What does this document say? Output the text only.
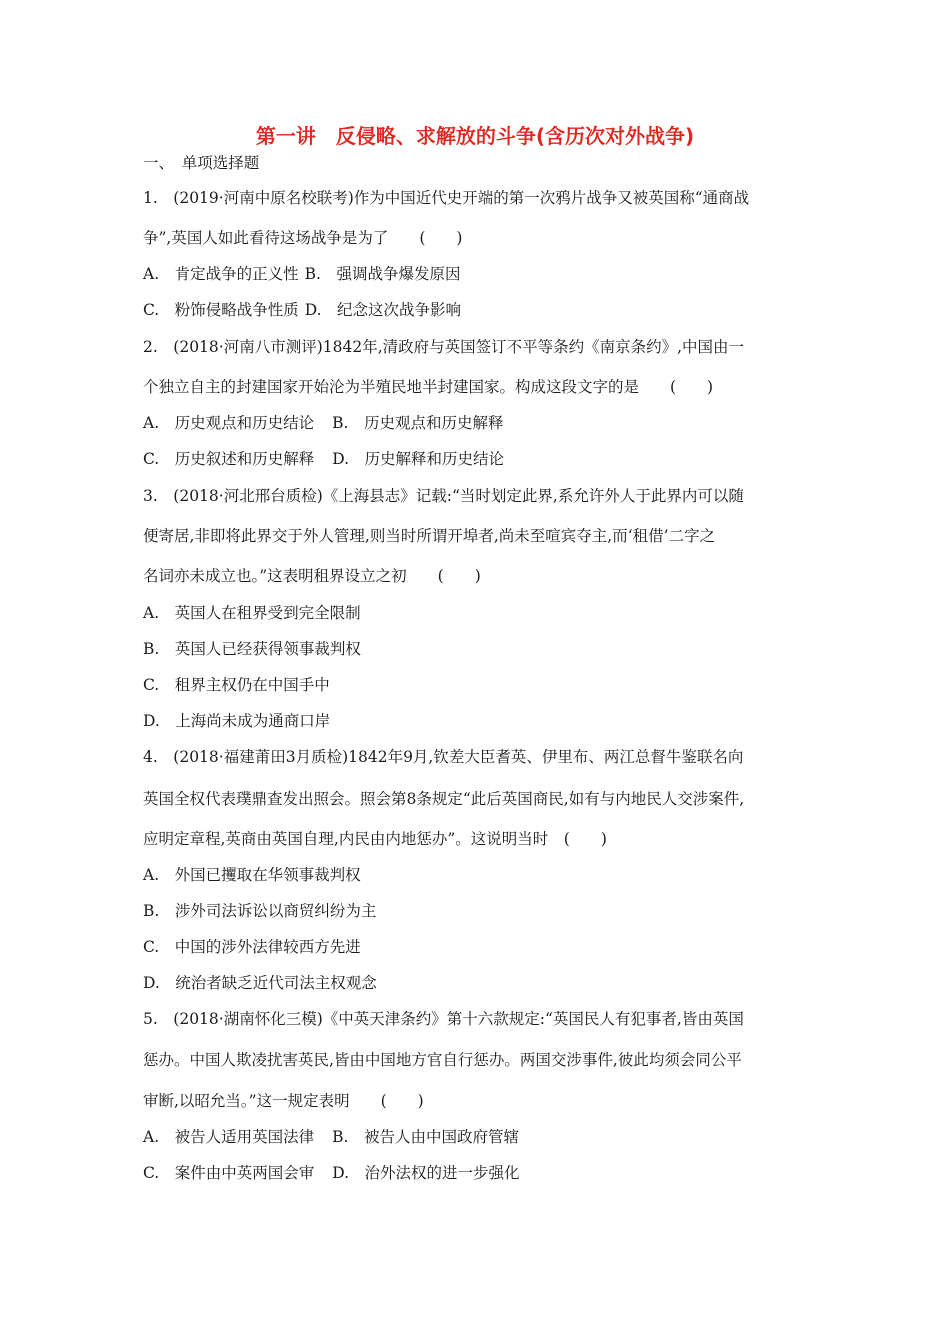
第一讲　反侵略、求解放的斗争(含历次对外战争)
一、　单项选择题
1.　(2019·河南中原名校联考)作为中国近代史开端的第一次鸦片战争又被英国称“通商战
争”,英国人如此看待这场战争是为了　　(　　)
A.　肯定战争的正义性 B.　强调战争爆发原因
C.　粉饰侵略战争性质 D.　纪念这次战争影响
2.　(2018·河南八市测评)1842年,清政府与英国签订不平等条约《南京条约》,中国由一
个独立自主的封建国家开始沦为半殖民地半封建国家。构成这段文字的是　　(　　)
A.　历史观点和历史结论 B.　历史观点和历史解释
C.　历史叙述和历史解释 D.　历史解释和历史结论
3.　(2018·河北邢台质检)《上海县志》记载:“当时划定此界,系允许外人于此界内可以随
便寄居,非即将此界交于外人管理,则当时所谓开埠者,尚未至喧宾夺主,而‘租借’二字之
名词亦未成立也。”这表明租界设立之初　　(　　)
A.　英国人在租界受到完全限制
B.　英国人已经获得领事裁判权
C.　租界主权仍在中国手中
D.　上海尚未成为通商口岸
4.　(2018·福建莆田3月质检)1842年9月,钦差大臣耆英、伊里布、两江总督牛鉴联名向
英国全权代表璞鼎查发出照会。照会第8条规定“此后英国商民,如有与内地民人交涉案件,
应明定章程,英商由英国自理,内民由内地惩办”。这说明当时　(　　)
A.　外国已攫取在华领事裁判权
B.　涉外司法诉讼以商贸纠纷为主
C.　中国的涉外法律较西方先进
D.　统治者缺乏近代司法主权观念
5.　(2018·湖南怀化三模)《中英天津条约》第十六款规定:“英国民人有犯事者,皆由英国
惩办。中国人欺凌扰害英民,皆由中国地方官自行惩办。两国交涉事件,彼此均须会同公平
审断,以昭允当。”这一规定表明　　(　　)
A.　被告人适用英国法律 B.　被告人由中国政府管辖
C.　案件由中英两国会审 D.　治外法权的进一步强化
